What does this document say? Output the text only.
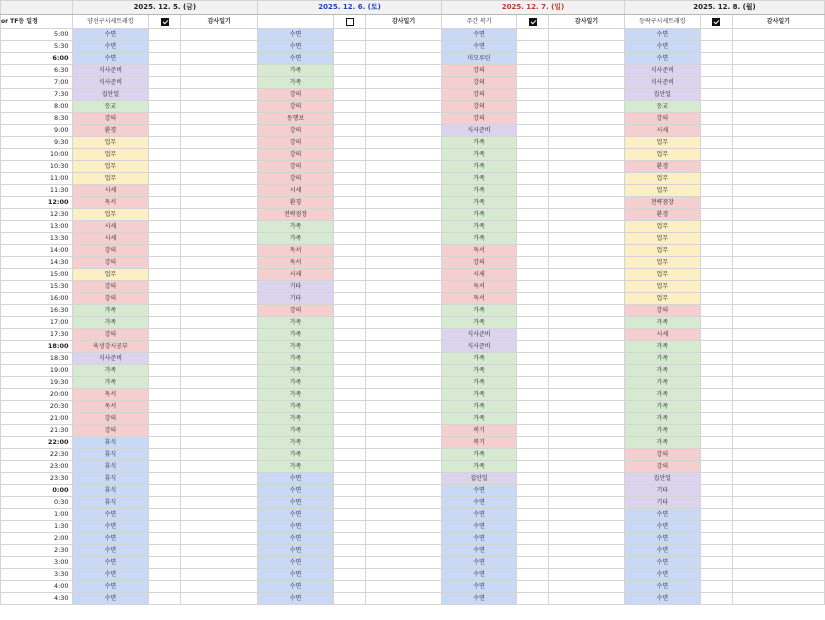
	2025. 12. 5. (금)			2025. 12. 6. (토)			2025. 12. 7. (일)			2025. 12. 8. (월)		
or TF등 일정	양선구시세트래킹		감사일기			감사일기	주간 복기		감사일기	등락구시세트래킹		감사일기
5:00	수면			수면			수면			수면		
5:30	수면			수면			수면			수면		
6:00	수면			수면			미모루틴			수면		
6:30	식사준비			가족			강의			식사준비		
7:00	식사준비			가족			강의			식사준비		
7:30	집안일			강의			강의			집안일		
8:00	등교			강의			강의			등교		
8:30	강의			동행보			강의			강의		
9:00	환경			강의			식사준비			시세		
9:30	업무			강의			가족			업무		
10:00	업무			강의			가족			업무		
10:30	업무			강의			가족			환경		
11:00	업무			강의			가족			업무		
11:30	시세			시세			가족			업무		
12:00	독서			환경			가족			전략점장		
12:30	업무			전략점장			가족			환경		
13:00	시세			가족			가족			업무		
13:30	시세			가족			가족			업무		
14:00	강의			독서			독서			업무		
14:30	강의			독서			강의			업무		
15:00	업무			시세			시세			업무		
15:30	강의			기타			독서			업무		
16:00	강의			기타			독서			업무		
16:30	가족			강의			가족			강의		
17:00	가족			가족			가족			가족		
17:30	강의			가족			식사준비			시세		
18:00	육성강시공부			가족			식사준비			가족		
18:30	식사준비			가족			가족			가족		
19:00	가족			가족			가족			가족		
19:30	가족			가족			가족			가족		
20:00	독서			가족			가족			가족		
20:30	독서			가족			가족			가족		
21:00	강의			가족			가족			가족		
21:30	강의			가족			복기			가족		
22:00	휴식			가족			복기			가족		
22:30	휴식			가족			가족			강의		
23:00	휴식			가족			가족			강의		
23:30	휴식			수면			집안일			집안일		
0:00	휴식			수면			수면			기타		
0:30	휴식			수면			수면			기타		
1:00	수면			수면			수면			수면		
1:30	수면			수면			수면			수면		
2:00	수면			수면			수면			수면		
2:30	수면			수면			수면			수면		
3:00	수면			수면			수면			수면		
3:30	수면			수면			수면			수면		
4:00	수면			수면			수면			수면		
4:30	수면			수면			수면			수면		
